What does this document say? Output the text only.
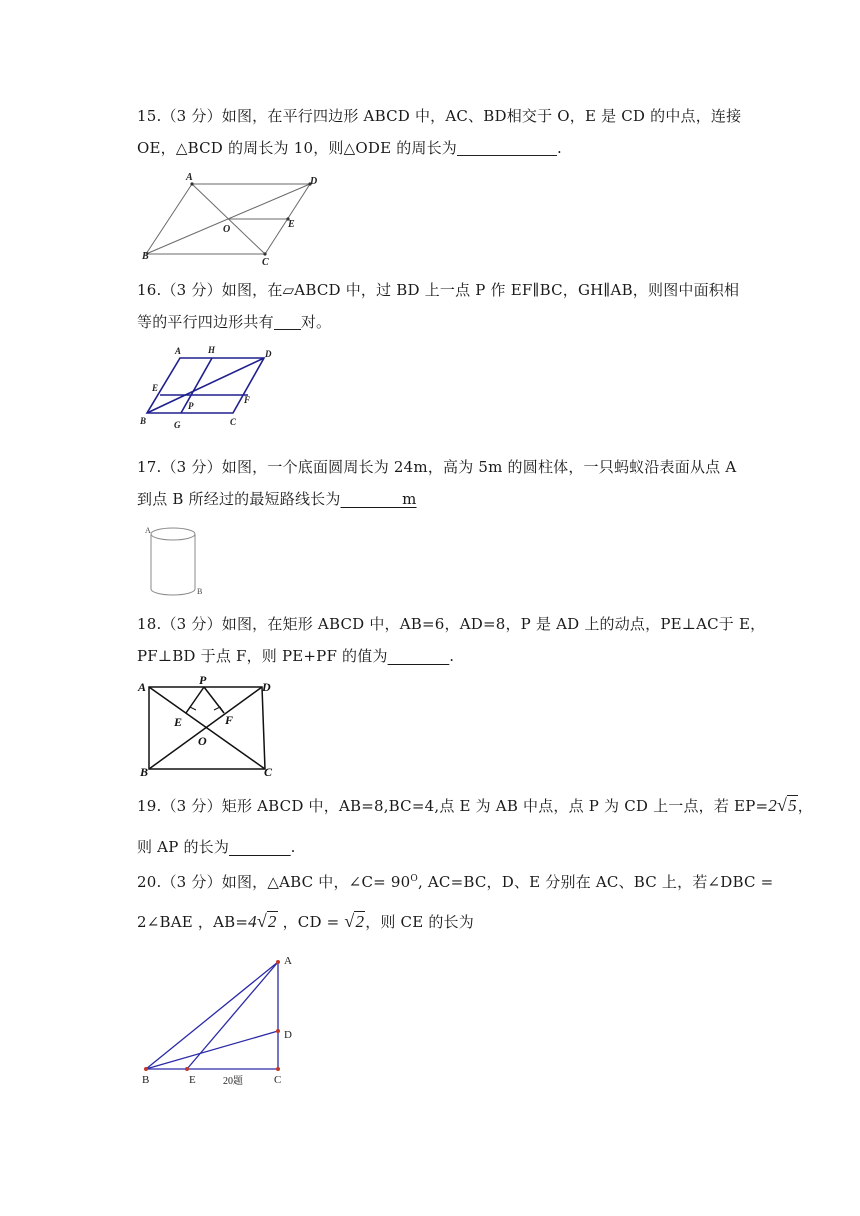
15.（3 分）如图，在平行四边形 ABCD 中，AC、BD 相交于 O，E 是 CD 的中点，连接
OE，△BCD 的周长为 10，则△ODE 的周长为	.
A	D
O	E
B
C
16.（3 分）如图，在▱ABCD 中，过 BD 上一点 P 作 EF∥BC，GH∥AB，则图中面积相
等的平行四边形共有 对。
A	H	D
E
P
F
B	G	C
17.（3 分）如图，一个底面圆周长为 24m，高为 5m 的圆柱体，一只蚂蚁沿表面从点 A
到点 B 所经过的最短路线长为________m
A
B
18.（3 分）如图，在矩形 ABCD 中，AB=6，AD=8，P 是 AD 上的动点，PE⊥AC 于 E，
PF⊥BD 于点 F，则 PE+PF 的值为________.
A	P	D
E	F
O
B	C
19.（3 分）矩形 ABCD 中，AB=8,BC=4,点 E 为 AB 中点，点 P 为 CD 上一点，若 EP=2√5，
则 AP 的长为________.
20.（3 分）如图，△ABC 中，∠C= $90^O$, AC=BC，D、E 分别在 AC、BC 上，若∠DBC =
2∠BAE ，AB=4√2 ，CD = √2，则 CE 的长为
A
D
B	E	C
20题
